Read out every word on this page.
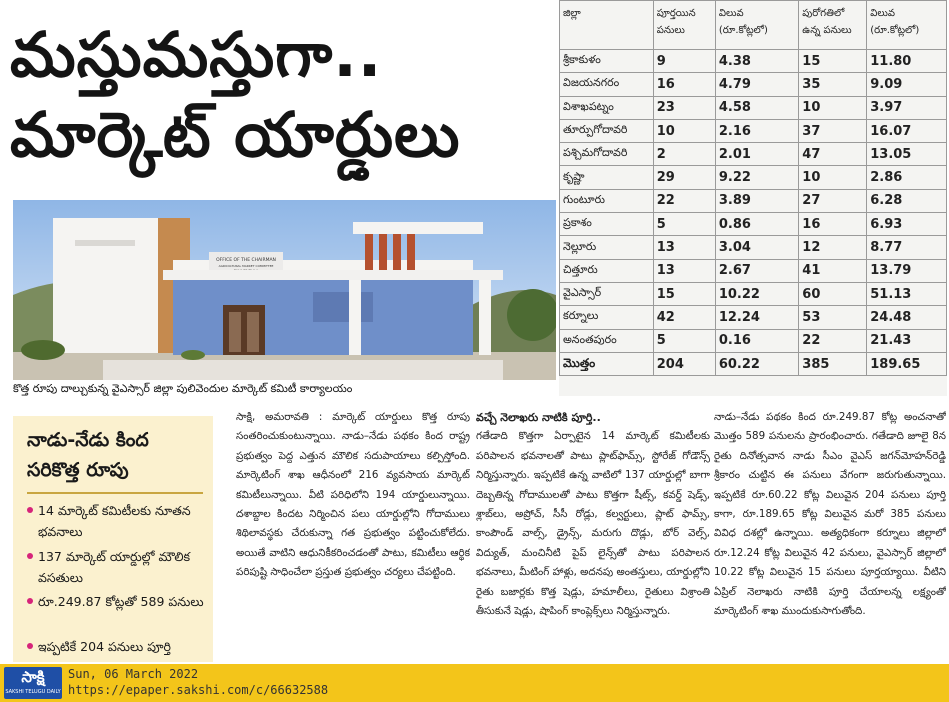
మస్తుమస్తుగా..
మార్కెట్ యార్డులు
OFFICE OF THE CHAIRMAN
AGRICULTURAL MARKET COMMITTEE
కొత్త రూపు దాల్చుకున్న వైఎస్సార్ జిల్లా పులివెందుల మార్కెట్ కమిటీ కార్యాలయం
జిల్లా	పూర్తయిన పనులు	విలువ (రూ.కోట్లలో)	పురోగతిలో ఉన్న పనులు	విలువ (రూ.కోట్లలో)
శ్రీకాకుళం	9	4.38	15	11.80
విజయనగరం	16	4.79	35	9.09
విశాఖపట్నం	23	4.58	10	3.97
తూర్పుగోదావరి	10	2.16	37	16.07
పశ్చిమగోదావరి	2	2.01	47	13.05
కృష్ణా	29	9.22	10	2.86
గుంటూరు	22	3.89	27	6.28
ప్రకాశం	5	0.86	16	6.93
నెల్లూరు	13	3.04	12	8.77
చిత్తూరు	13	2.67	41	13.79
వైఎస్సార్	15	10.22	60	51.13
కర్నూలు	42	12.24	53	24.48
అనంతపురం	5	0.16	22	21.43
మొత్తం	204	60.22	385	189.65
నాడు-నేడు కింద సరికొత్త రూపు
14 మార్కెట్ కమిటీలకు నూతన భవనాలు
137 మార్కెట్ యార్డుల్లో మౌలిక వసతులు
రూ.249.87 కోట్లతో 589 పనులు
ఇప్పటికే 204 పనులు పూర్తి
సాక్షి, అమరావతి : మార్కెట్ యార్డులు కొత్త రూపు సంతరించుకుంటున్నాయి. నాడు–నేడు పథకం కింద రాష్ట్ర ప్రభుత్వం పెద్ద ఎత్తున మౌలిక సదుపాయాలు కల్పిస్తోంది. మార్కెటింగ్ శాఖ ఆధీనంలో 216 వ్యవసాయ మార్కెట్ కమిటీలున్నాయి. వీటి పరిధిలోని 194 యార్డులున్నాయి. దశాబ్దాల కిందట నిర్మించిన పలు యార్డుల్లోని గోదాములు శిథిలావస్థకు చేరుకున్నా గత ప్రభుత్వం పట్టించుకోలేదు. అయితే వాటిని ఆధునికీకరించడంతో పాటు, కమిటీలు ఆర్థిక పరిపుష్టి సాధించేలా ప్రస్తుత ప్రభుత్వం చర్యలు చేపట్టింది.
వచ్చే నెలాఖరు నాటికి పూర్తి..
గతేడాది కొత్తగా ఏర్పాటైన 14 మార్కెట్ కమిటీలకు పరిపాలన భవనాలతో పాటు ప్లాట్‌ఫామ్స్, స్టోరేజ్ గోడౌన్స్ నిర్మిస్తున్నారు. ఇప్పటికే ఉన్న వాటిలో 137 యార్డుల్లో బాగా దెబ్బతిన్న గోదాములతో పాటు కొత్తగా షీట్స్, కవర్డ్ షెడ్స్, శ్లాబ్‌లు, అప్రోచ్, సీసీ రోడ్లు, కల్వర్టులు, ప్లాట్ ఫామ్స్, కాంపౌండ్ వాల్స్, డ్రైన్స్, మరుగు దొడ్లు, బోర్ వెల్స్, విద్యుత్, మంచినీటి పైప్ లైన్స్‌తో పాటు పరిపాలన భవనాలు, మీటింగ్ హాళ్లు, అదనపు అంతస్తులు, యార్డుల్లోని రైతు బజార్లకు కొత్త షెడ్లు, హమాలీలు, రైతులు విశ్రాంతి తీసుకునే షెడ్లు, షాపింగ్ కాంప్లెక్స్‌లు నిర్మిస్తున్నారు.
నాడు–నేడు పథకం కింద రూ.249.87 కోట్ల అంచనాతో మొత్తం 589 పనులను ప్రారంభించారు. గతేడాది జూలై 8న రైతు దినోత్సవాన నాడు సీఎం వైఎస్ జగన్‌మోహన్‌రెడ్డి శ్రీకారం చుట్టిన ఈ పనులు వేగంగా జరుగుతున్నాయి. ఇప్పటికే రూ.60.22 కోట్ల విలువైన 204 పనులు పూర్తి కాగా, రూ.189.65 కోట్ల విలువైన మరో 385 పనులు వివిధ దశల్లో ఉన్నాయి. అత్యధికంగా కర్నూలు జిల్లాలో రూ.12.24 కోట్ల విలువైన 42 పనులు, వైఎస్సార్ జిల్లాలో 10.22 కోట్ల విలువైన 15 పనులు పూర్తయ్యాయి. వీటిని ఏప్రిల్ నెలాఖరు నాటికి పూర్తి చేయాలన్న లక్ష్యంతో మార్కెటింగ్ శాఖ ముందుకుసాగుతోంది.
సాక్షి
SAKSHI TELUGU DAILY
Sun, 06 March 2022
https://epaper.sakshi.com/c/66632588
